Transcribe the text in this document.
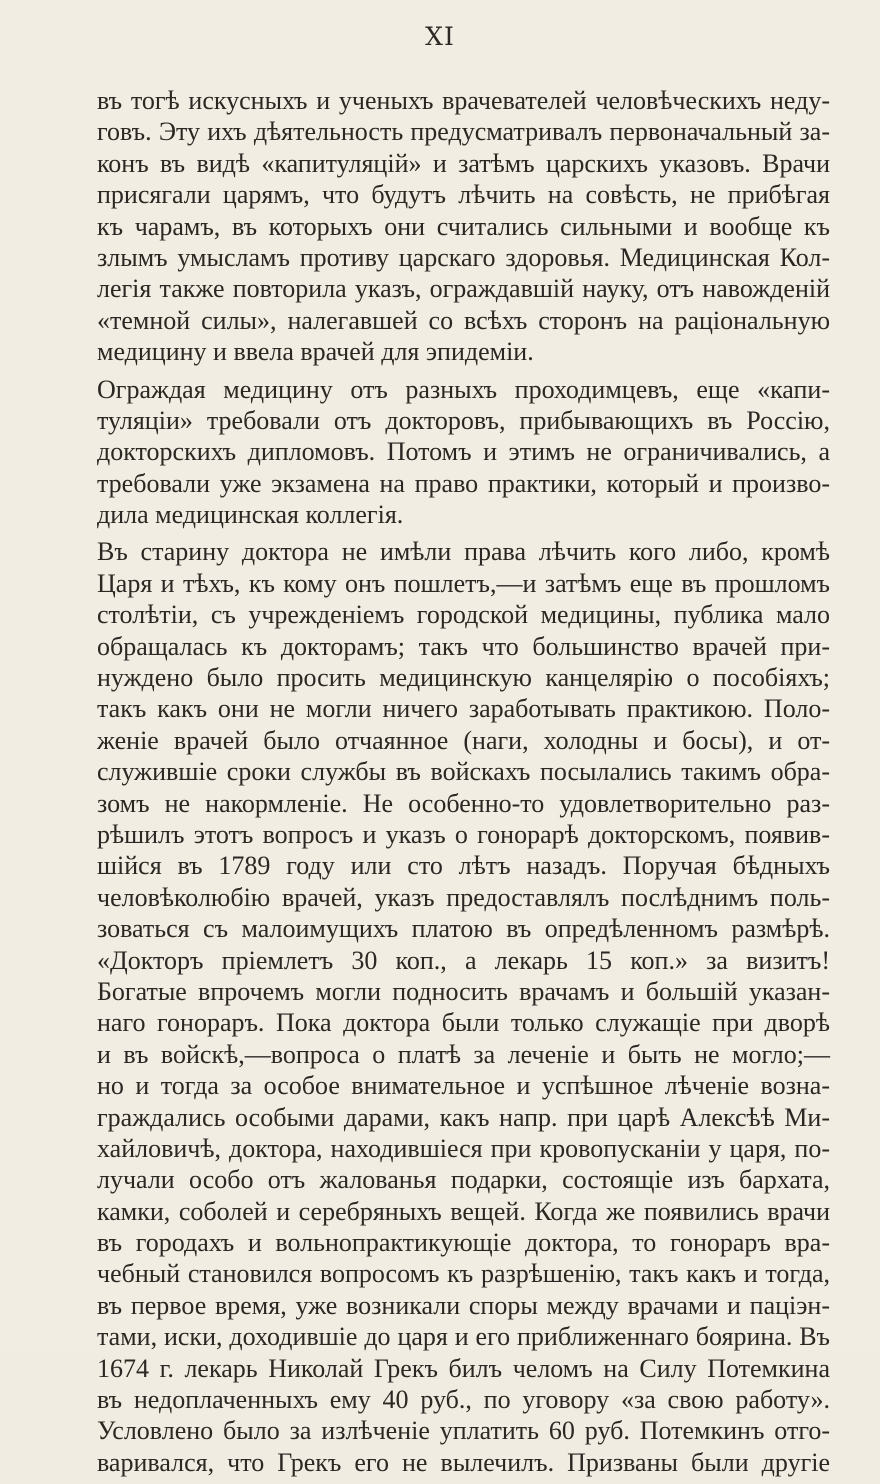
XI
въ тогѣ искусныхъ и ученыхъ врачевателей человѣческихъ неду-
говъ. Эту ихъ дѣятельность предусматривалъ первоначальный за-
конъ въ видѣ «капитуляцій» и затѣмъ царскихъ указовъ. Врачи
присягали царямъ, что будутъ лѣчить на совѣсть, не прибѣгая
къ чарамъ, въ которыхъ они считались сильными и вообще къ
злымъ умысламъ противу царскаго здоровья. Медицинская Кол-
легія также повторила указъ, ограждавшій науку, отъ навожденій
«темной силы», налегавшей со всѣхъ сторонъ на раціональную
медицину и ввела врачей для эпидеміи.
Ограждая медицину отъ разныхъ проходимцевъ, еще «капи-
туляціи» требовали отъ докторовъ, прибывающихъ въ Россію,
докторскихъ дипломовъ. Потомъ и этимъ не ограничивались, а
требовали уже экзамена на право практики, который и произво-
дила медицинская коллегія.
Въ старину доктора не имѣли права лѣчить кого либо, кромѣ
Царя и тѣхъ, къ кому онъ пошлетъ,—и затѣмъ еще въ прошломъ
столѣтіи, съ учрежденіемъ городской медицины, публика мало
обращалась къ докторамъ; такъ что большинство врачей при-
нуждено было просить медицинскую канцелярію о пособіяхъ;
такъ какъ они не могли ничего заработывать практикою. Поло-
женіе врачей было отчаянное (наги, холодны и босы), и от-
служившіе сроки службы въ войскахъ посылались такимъ обра-
зомъ не накормленіе. Не особенно-то удовлетворительно раз-
рѣшилъ этотъ вопросъ и указъ о гонорарѣ докторскомъ, появив-
шійся въ 1789 году или сто лѣтъ назадъ. Поручая бѣдныхъ
человѣколюбію врачей, указъ предоставлялъ послѣднимъ поль-
зоваться съ малоимущихъ платою въ опредѣленномъ размѣрѣ.
«Докторъ пріемлетъ 30 коп., а лекарь 15 коп.» за визитъ!
Богатые впрочемъ могли подносить врачамъ и большій указан-
наго гонораръ. Пока доктора были только служащіе при дворѣ
и въ войскѣ,—вопроса о платѣ за леченіе и быть не могло;—
но и тогда за особое внимательное и успѣшное лѣченіе возна-
граждались особыми дарами, какъ напр. при царѣ Алексѣѣ Ми-
хайловичѣ, доктора, находившіеся при кровопусканіи у царя, по-
лучали особо отъ жалованья подарки, состоящіе изъ бархата,
камки, соболей и серебряныхъ вещей. Когда же появились врачи
въ городахъ и вольнопрактикующіе доктора, то гонораръ вра-
чебный становился вопросомъ къ разрѣшенію, такъ какъ и тогда,
въ первое время, уже возникали споры между врачами и паціэн-
тами, иски, доходившіе до царя и его приближеннаго боярина. Въ
1674 г. лекарь Николай Грекъ билъ челомъ на Силу Потемкина
въ недоплаченныхъ ему 40 руб., по уговору «за свою работу».
Условлено было за излѣченіе уплатить 60 руб. Потемкинъ отго-
варивался, что Грекъ его не вылечилъ. Призваны были другіе
